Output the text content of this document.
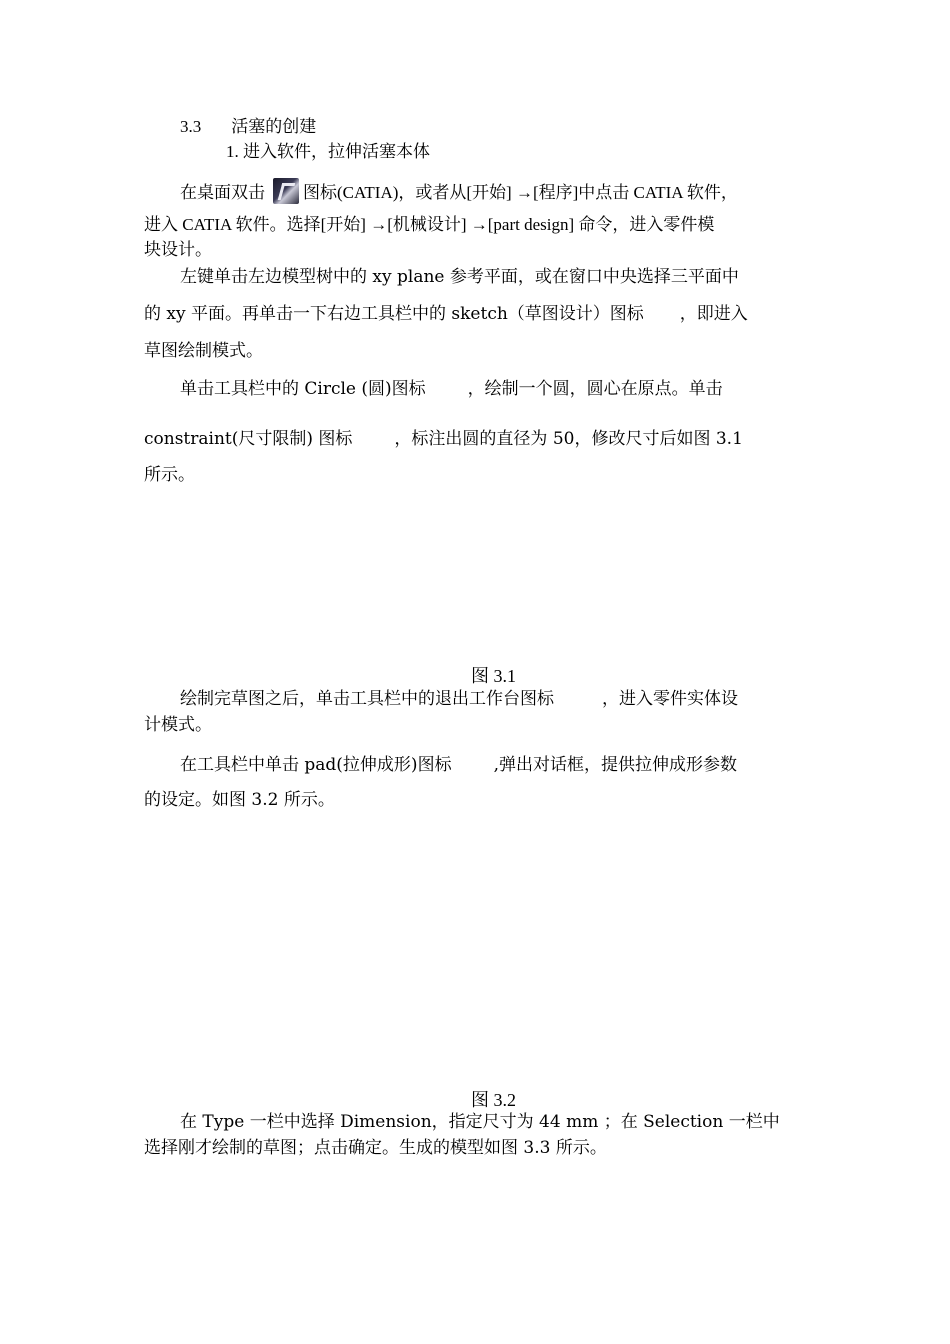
3.3 活塞的创建
1. 进入软件，拉伸活塞本体
在桌面双击 图标(CATIA)，或者从[开始] →[程序]中点击 CATIA 软件，
进入 CATIA 软件。选择[开始] →[机械设计] →[part design] 命令，进入零件模
块设计。
左键单击左边模型树中的 xy plane 参考平面，或在窗口中央选择三平面中
的 xy 平面。再单击一下右边工具栏中的 sketch（草图设计）图标 ，即进入
草图绘制模式。
单击工具栏中的 Circle (圆)图标 ，绘制一个圆，圆心在原点。单击
constraint(尺寸限制) 图标 ，标注出圆的直径为 50，修改尺寸后如图 3.1
所示。
图 3.1
绘制完草图之后，单击工具栏中的退出工作台图标	，进入零件实体设
计模式。
在工具栏中单击 pad(拉伸成形)图标 ,弹出对话框，提供拉伸成形参数
的设定。如图 3.2 所示。
图 3.2
在 Type 一栏中选择 Dimension，指定尺寸为 44 mm ；在 Selection 一栏中
选择刚才绘制的草图；点击确定。生成的模型如图 3.3 所示。
